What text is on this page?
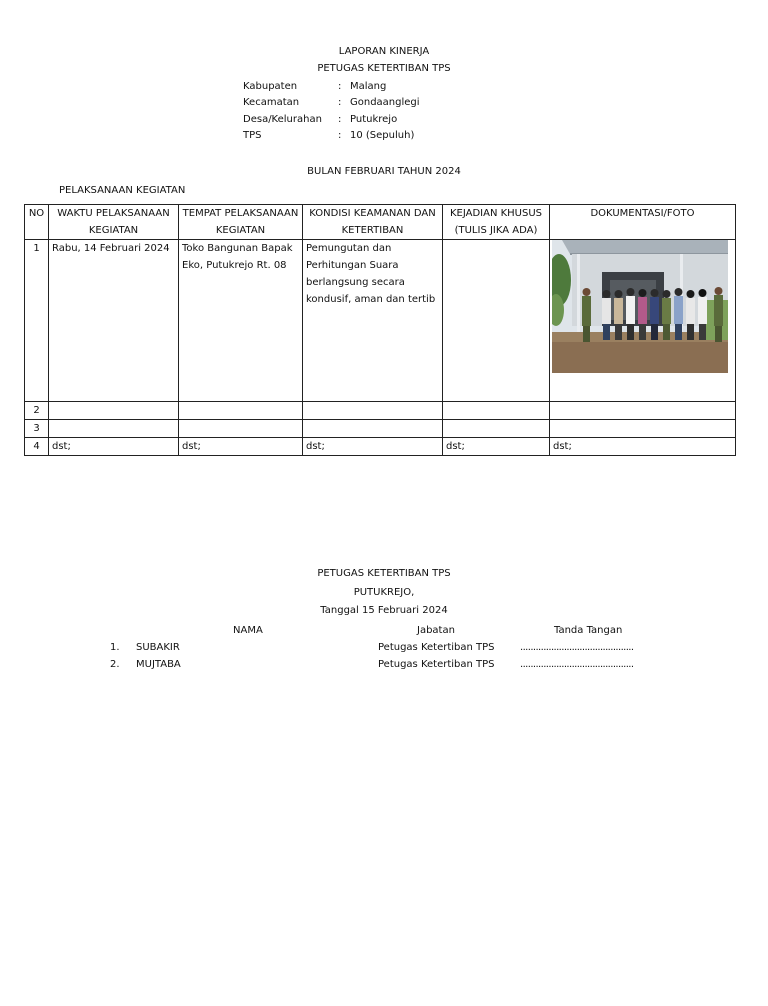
LAPORAN KINERJA
PETUGAS KETERTIBAN TPS
Kabupaten	: Malang
Kecamatan	: Gondaanglegi
Desa/Kelurahan : Putukrejo
TPS	: 10 (Sepuluh)
BULAN FEBRUARI TAHUN 2024
PELAKSANAAN KEGIATAN
NO	WAKTU PELAKSANAAN KEGIATAN	TEMPAT PELAKSANAAN KEGIATAN	KONDISI KEAMANAN DAN KETERTIBAN	KEJADIAN KHUSUS (TULIS JIKA ADA)	DOKUMENTASI/FOTO
1	Rabu, 14 Februari 2024	Toko Bangunan Bapak Eko, Putukrejo Rt. 08	Pemungutan dan Perhitungan Suara berlangsung secara kondusif, aman dan tertib		

2					
3					
4	dst;	dst;	dst;	dst;	dst;
PETUGAS KETERTIBAN TPS
PUTUKREJO,
Tanggal 15 Februari 2024
NAMA	Jabatan	Tanda Tangan
1. SUBAKIR	Petugas Ketertiban TPS	............................................
2. MUJTABA	Petugas Ketertiban TPS	............................................
